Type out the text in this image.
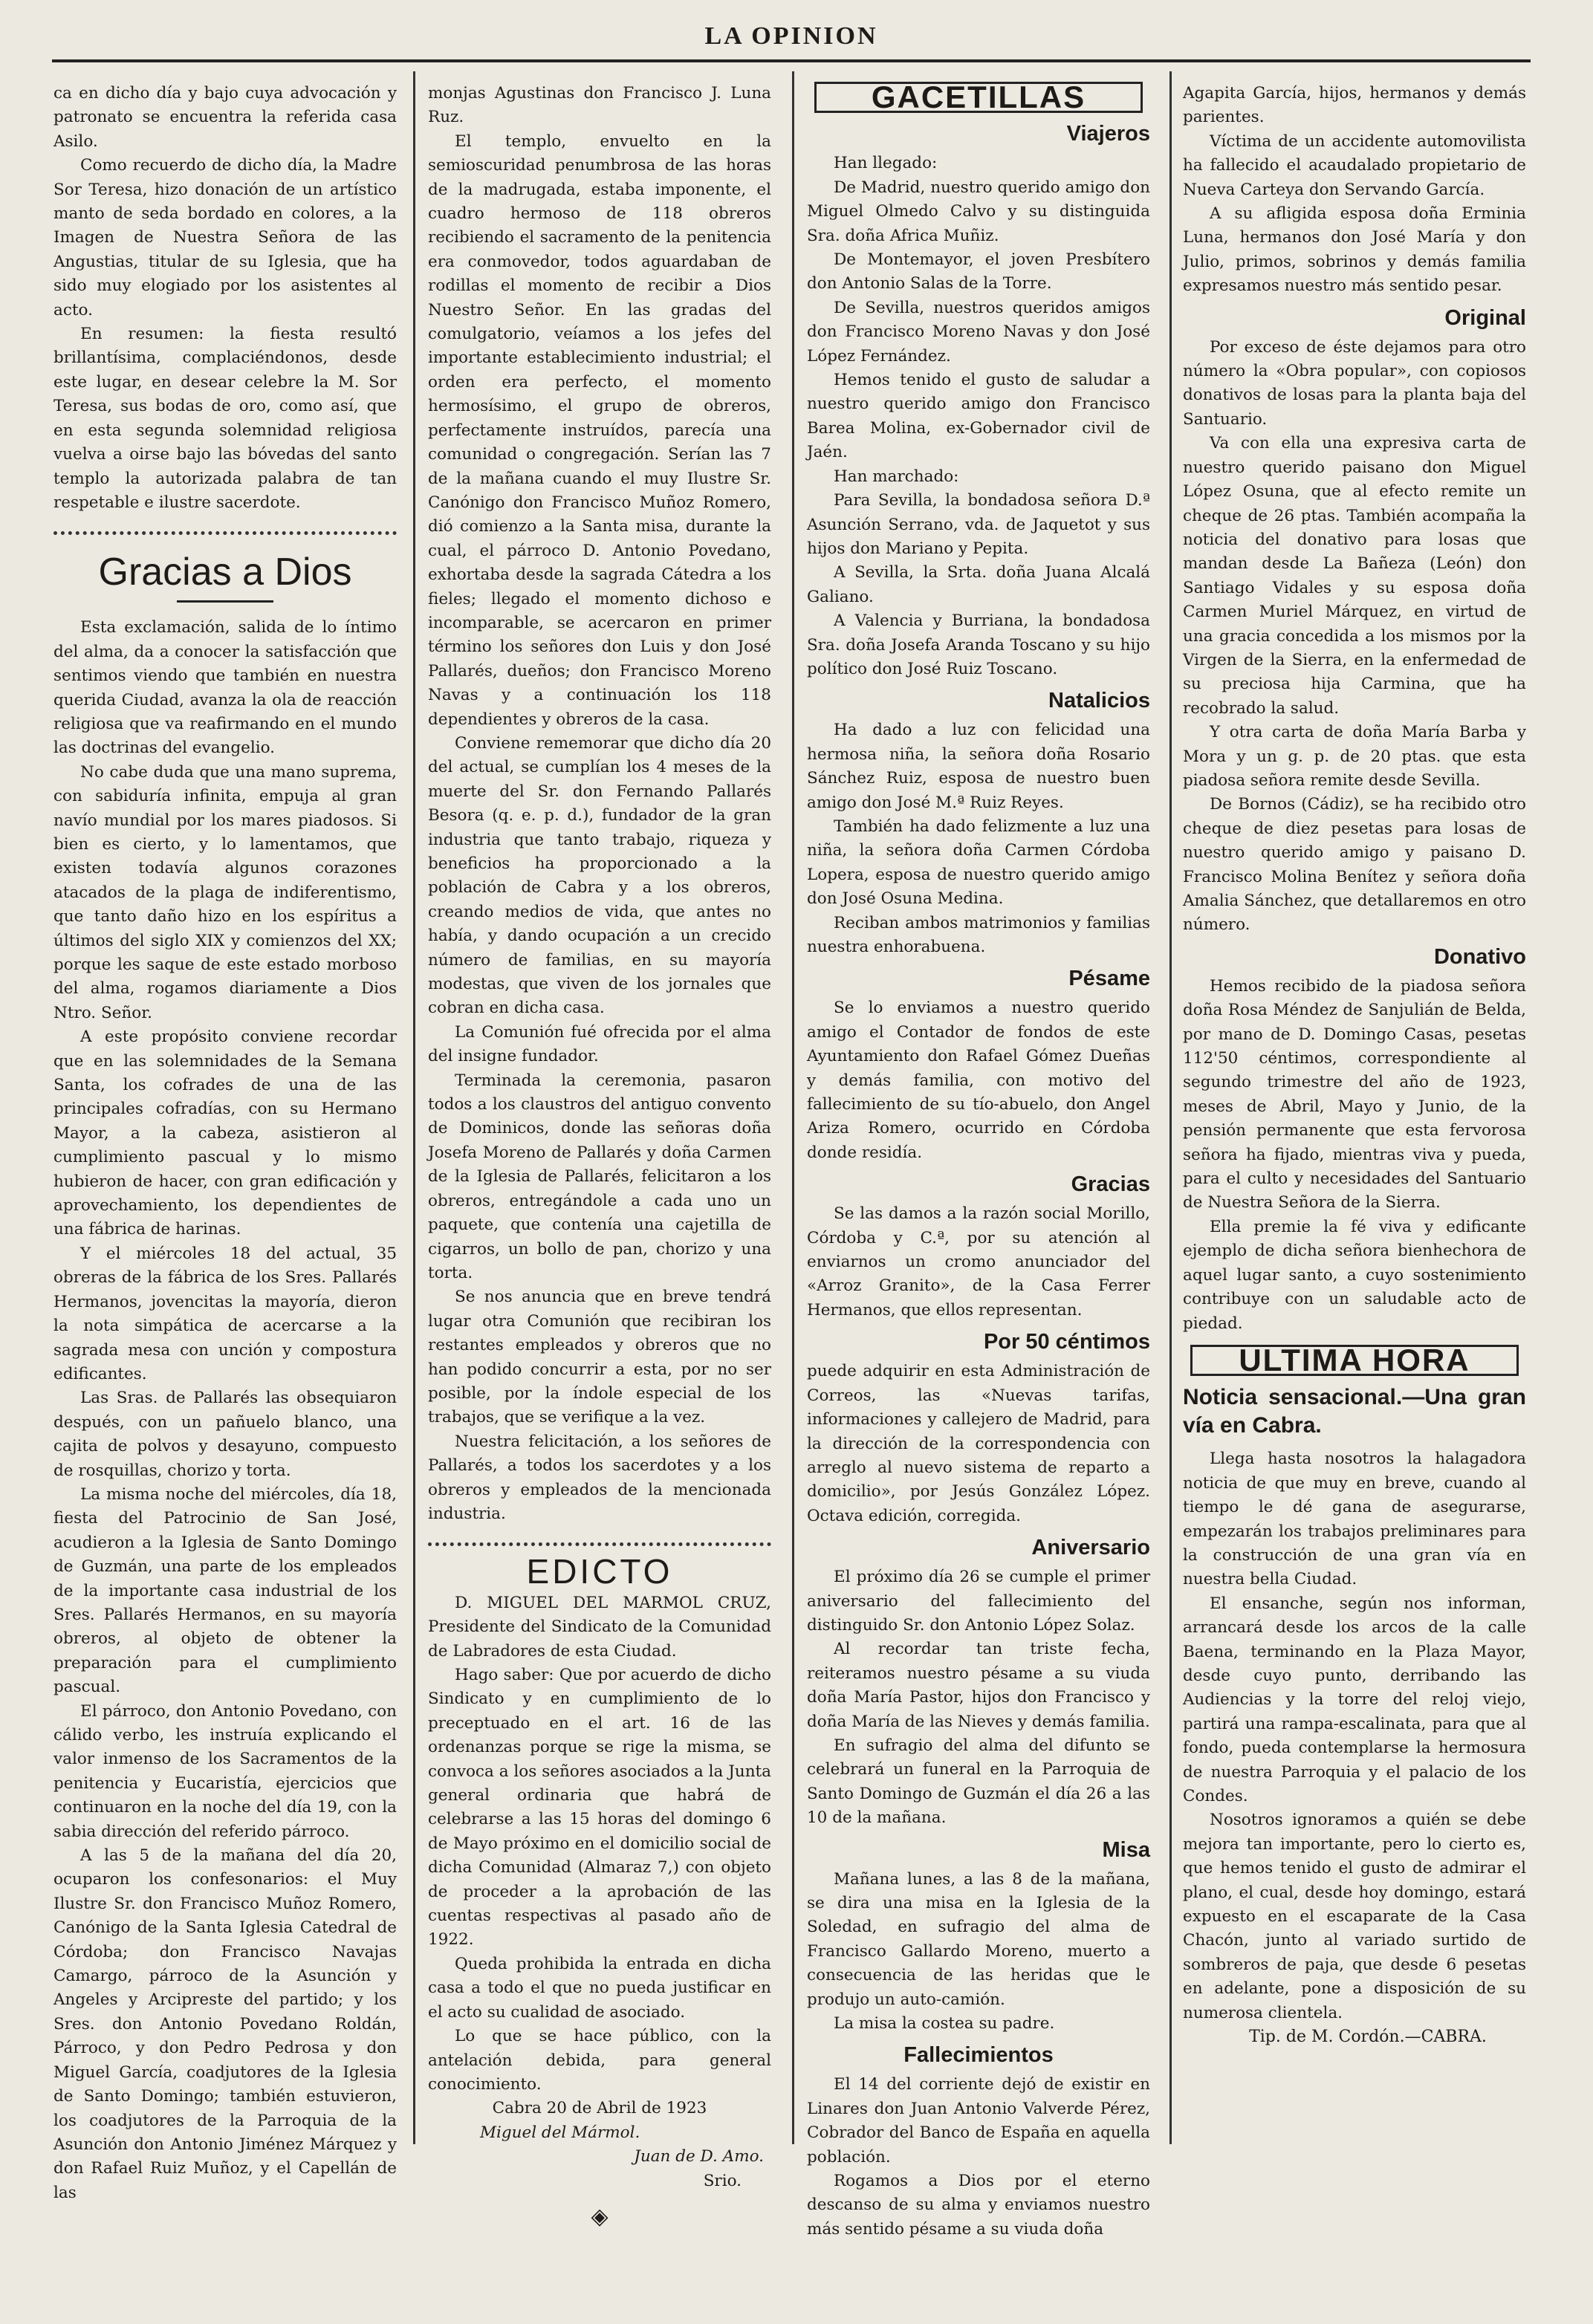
LA OPINION

ca en dicho día y bajo cuya advocación y patronato se encuentra la referida casa Asilo.

Como recuerdo de dicho día, la Madre Sor Teresa, hizo donación de un artístico manto de seda bordado en colores, a la Imagen de Nuestra Señora de las Angustias, titular de su Iglesia, que ha sido muy elogiado por los asistentes al acto.

En resumen: la fiesta resultó brillantísima, complaciéndonos, desde este lugar, en desear celebre la M. Sor Teresa, sus bodas de oro, como así, que en esta segunda solemnidad religiosa vuelva a oirse bajo las bóvedas del santo templo la autorizada palabra de tan respetable e ilustre sacerdote.

Gracias a Dios

Esta exclamación, salida de lo íntimo del alma, da a conocer la satisfacción que sentimos viendo que también en nuestra querida Ciudad, avanza la ola de reacción religiosa que va reafirmando en el mundo las doctrinas del evangelio.

No cabe duda que una mano suprema, con sabiduría infinita, empuja al gran navío mundial por los mares piadosos. Si bien es cierto, y lo lamentamos, que existen todavía algunos corazones atacados de la plaga de indiferentismo, que tanto daño hizo en los espíritus a últimos del siglo XIX y comienzos del XX; porque les saque de este estado morboso del alma, rogamos diariamente a Dios Ntro. Señor.

A este propósito conviene recordar que en las solemnidades de la Semana Santa, los cofrades de una de las principales cofradías, con su Hermano Mayor, a la cabeza, asistieron al cumplimiento pascual y lo mismo hubieron de hacer, con gran edificación y aprovechamiento, los dependientes de una fábrica de harinas.

Y el miércoles 18 del actual, 35 obreras de la fábrica de los Sres. Pallarés Hermanos, jovencitas la mayoría, dieron la nota simpática de acercarse a la sagrada mesa con unción y compostura edificantes.

Las Sras. de Pallarés las obsequiaron después, con un pañuelo blanco, una cajita de polvos y desayuno, compuesto de rosquillas, chorizo y torta.

La misma noche del miércoles, día 18, fiesta del Patrocinio de San José, acudieron a la Iglesia de Santo Domingo de Guzmán, una parte de los empleados de la importante casa industrial de los Sres. Pallarés Hermanos, en su mayoría obreros, al objeto de obtener la preparación para el cumplimiento pascual.

El párroco, don Antonio Povedano, con cálido verbo, les instruía explicando el valor inmenso de los Sacramentos de la penitencia y Eucaristía, ejercicios que continuaron en la noche del día 19, con la sabia dirección del referido párroco.

A las 5 de la mañana del día 20, ocuparon los confesonarios: el Muy Ilustre Sr. don Francisco Muñoz Romero, Canónigo de la Santa Iglesia Catedral de Córdoba; don Francisco Navajas Camargo, párroco de la Asunción y Angeles y Arcipreste del partido; y los Sres. don Antonio Povedano Roldán, Párroco, y don Pedro Pedrosa y don Miguel García, coadjutores de la Iglesia de Santo Domingo; también estuvieron, los coadjutores de la Parroquia de la Asunción don Antonio Jiménez Márquez y don Rafael Ruiz Muñoz, y el Capellán de las

monjas Agustinas don Francisco J. Luna Ruz.

El templo, envuelto en la semioscuridad penumbrosa de las horas de la madrugada, estaba imponente, el cuadro hermoso de 118 obreros recibiendo el sacramento de la penitencia era conmovedor, todos aguardaban de rodillas el momento de recibir a Dios Nuestro Señor. En las gradas del comulgatorio, veíamos a los jefes del importante establecimiento industrial; el orden era perfecto, el momento hermosísimo, el grupo de obreros, perfectamente instruídos, parecía una comunidad o congregación. Serían las 7 de la mañana cuando el muy Ilustre Sr. Canónigo don Francisco Muñoz Romero, dió comienzo a la Santa misa, durante la cual, el párroco D. Antonio Povedano, exhortaba desde la sagrada Cátedra a los fieles; llegado el momento dichoso e incomparable, se acercaron en primer término los señores don Luis y don José Pallarés, dueños; don Francisco Moreno Navas y a continuación los 118 dependientes y obreros de la casa.

Conviene rememorar que dicho día 20 del actual, se cumplían los 4 meses de la muerte del Sr. don Fernando Pallarés Besora (q. e. p. d.), fundador de la gran industria que tanto trabajo, riqueza y beneficios ha proporcionado a la población de Cabra y a los obreros, creando medios de vida, que antes no había, y dando ocupación a un crecido número de familias, en su mayoría modestas, que viven de los jornales que cobran en dicha casa.

La Comunión fué ofrecida por el alma del insigne fundador.

Terminada la ceremonia, pasaron todos a los claustros del antiguo convento de Dominicos, donde las señoras doña Josefa Moreno de Pallarés y doña Carmen de la Iglesia de Pallarés, felicitaron a los obreros, entregándole a cada uno un paquete, que contenía una cajetilla de cigarros, un bollo de pan, chorizo y una torta.

Se nos anuncia que en breve tendrá lugar otra Comunión que recibiran los restantes empleados y obreros que no han podido concurrir a esta, por no ser posible, por la índole especial de los trabajos, que se verifique a la vez.

Nuestra felicitación, a los señores de Pallarés, a todos los sacerdotes y a los obreros y empleados de la mencionada industria.

EDICTO

D. MIGUEL DEL MARMOL CRUZ, Presidente del Sindicato de la Comunidad de Labradores de esta Ciudad.

Hago saber: Que por acuerdo de dicho Sindicato y en cumplimiento de lo preceptuado en el art. 16 de las ordenanzas porque se rige la misma, se convoca a los señores asociados a la Junta general ordinaria que habrá de celebrarse a las 15 horas del domingo 6 de Mayo próximo en el domicilio social de dicha Comunidad (Almaraz 7,) con objeto de proceder a la aprobación de las cuentas respectivas al pasado año de 1922.

Queda prohibida la entrada en dicha casa a todo el que no pueda justificar en el acto su cualidad de asociado.

Lo que se hace público, con la antelación debida, para general conocimiento.

Cabra 20 de Abril de 1923

Miguel del Mármol.

Juan de D. Amo.

Srio.

◈
GACETILLAS
Viajeros

Han llegado:

De Madrid, nuestro querido amigo don Miguel Olmedo Calvo y su distinguida Sra. doña Africa Muñiz.

De Montemayor, el joven Presbítero don Antonio Salas de la Torre.

De Sevilla, nuestros queridos amigos don Francisco Moreno Navas y don José López Fernández.

Hemos tenido el gusto de saludar a nuestro querido amigo don Francisco Barea Molina, ex-Gobernador civil de Jaén.

Han marchado:

Para Sevilla, la bondadosa señora D.ª Asunción Serrano, vda. de Jaquetot y sus hijos don Mariano y Pepita.

A Sevilla, la Srta. doña Juana Alcalá Galiano.

A Valencia y Burriana, la bondadosa Sra. doña Josefa Aranda Toscano y su hijo político don José Ruiz Toscano.

Natalicios

Ha dado a luz con felicidad una hermosa niña, la señora doña Rosario Sánchez Ruiz, esposa de nuestro buen amigo don José M.ª Ruiz Reyes.

También ha dado felizmente a luz una niña, la señora doña Carmen Córdoba Lopera, esposa de nuestro querido amigo don José Osuna Medina.

Reciban ambos matrimonios y familias nuestra enhorabuena.

Pésame

Se lo enviamos a nuestro querido amigo el Contador de fondos de este Ayuntamiento don Rafael Gómez Dueñas y demás familia, con motivo del fallecimiento de su tío-abuelo, don Angel Ariza Romero, ocurrido en Córdoba donde residía.

Gracias

Se las damos a la razón social Morillo, Córdoba y C.ª, por su atención al enviarnos un cromo anunciador del «Arroz Granito», de la Casa Ferrer Hermanos, que ellos representan.

Por 50 céntimos

puede adquirir en esta Administración de Correos, las «Nuevas tarifas, informaciones y callejero de Madrid, para la dirección de la correspondencia con arreglo al nuevo sistema de reparto a domicilio», por Jesús González López. Octava edición, corregida.

Aniversario

El próximo día 26 se cumple el primer aniversario del fallecimiento del distinguido Sr. don Antonio López Solaz.

Al recordar tan triste fecha, reiteramos nuestro pésame a su viuda doña María Pastor, hijos don Francisco y doña María de las Nieves y demás familia.

En sufragio del alma del difunto se celebrará un funeral en la Parroquia de Santo Domingo de Guzmán el día 26 a las 10 de la mañana.

Misa

Mañana lunes, a las 8 de la mañana, se dira una misa en la Iglesia de la Soledad, en sufragio del alma de Francisco Gallardo Moreno, muerto a consecuencia de las heridas que le produjo un auto-camión.

La misa la costea su padre.

Fallecimientos

El 14 del corriente dejó de existir en Linares don Juan Antonio Valverde Pérez, Cobrador del Banco de España en aquella población.

Rogamos a Dios por el eterno descanso de su alma y enviamos nuestro más sentido pésame a su viuda doña

Agapita García, hijos, hermanos y demás parientes.

Víctima de un accidente automovilista ha fallecido el acaudalado propietario de Nueva Carteya don Servando García.

A su afligida esposa doña Erminia Luna, hermanos don José María y don Julio, primos, sobrinos y demás familia expresamos nuestro más sentido pesar.

Original

Por exceso de éste dejamos para otro número la «Obra popular», con copiosos donativos de losas para la planta baja del Santuario.

Va con ella una expresiva carta de nuestro querido paisano don Miguel López Osuna, que al efecto remite un cheque de 26 ptas. También acompaña la noticia del donativo para losas que mandan desde La Bañeza (León) don Santiago Vidales y su esposa doña Carmen Muriel Márquez, en virtud de una gracia concedida a los mismos por la Virgen de la Sierra, en la enfermedad de su preciosa hija Carmina, que ha recobrado la salud.

Y otra carta de doña María Barba y Mora y un g. p. de 20 ptas. que esta piadosa señora remite desde Sevilla.

De Bornos (Cádiz), se ha recibido otro cheque de diez pesetas para losas de nuestro querido amigo y paisano D. Francisco Molina Benítez y señora doña Amalia Sánchez, que detallaremos en otro número.

Donativo

Hemos recibido de la piadosa señora doña Rosa Méndez de Sanjulián de Belda, por mano de D. Domingo Casas, pesetas 112'50 céntimos, correspondiente al segundo trimestre del año de 1923, meses de Abril, Mayo y Junio, de la pensión permanente que esta fervorosa señora ha fijado, mientras viva y pueda, para el culto y necesidades del Santuario de Nuestra Señora de la Sierra.

Ella premie la fé viva y edificante ejemplo de dicha señora bienhechora de aquel lugar santo, a cuyo sostenimiento contribuye con un saludable acto de piedad.

ULTIMA HORA
Noticia sensacional.—Una gran vía en Cabra.

Llega hasta nosotros la halagadora noticia de que muy en breve, cuando al tiempo le dé gana de asegurarse, empezarán los trabajos preliminares para la construcción de una gran vía en nuestra bella Ciudad.

El ensanche, según nos informan, arrancará desde los arcos de la calle Baena, terminando en la Plaza Mayor, desde cuyo punto, derribando las Audiencias y la torre del reloj viejo, partirá una rampa-escalinata, para que al fondo, pueda contemplarse la hermosura de nuestra Parroquia y el palacio de los Condes.

Nosotros ignoramos a quién se debe mejora tan importante, pero lo cierto es, que hemos tenido el gusto de admirar el plano, el cual, desde hoy domingo, estará expuesto en el escaparate de la Casa Chacón, junto al variado surtido de sombreros de paja, que desde 6 pesetas en adelante, pone a disposición de su numerosa clientela.

Tip. de M. Cordón.—CABRA.
